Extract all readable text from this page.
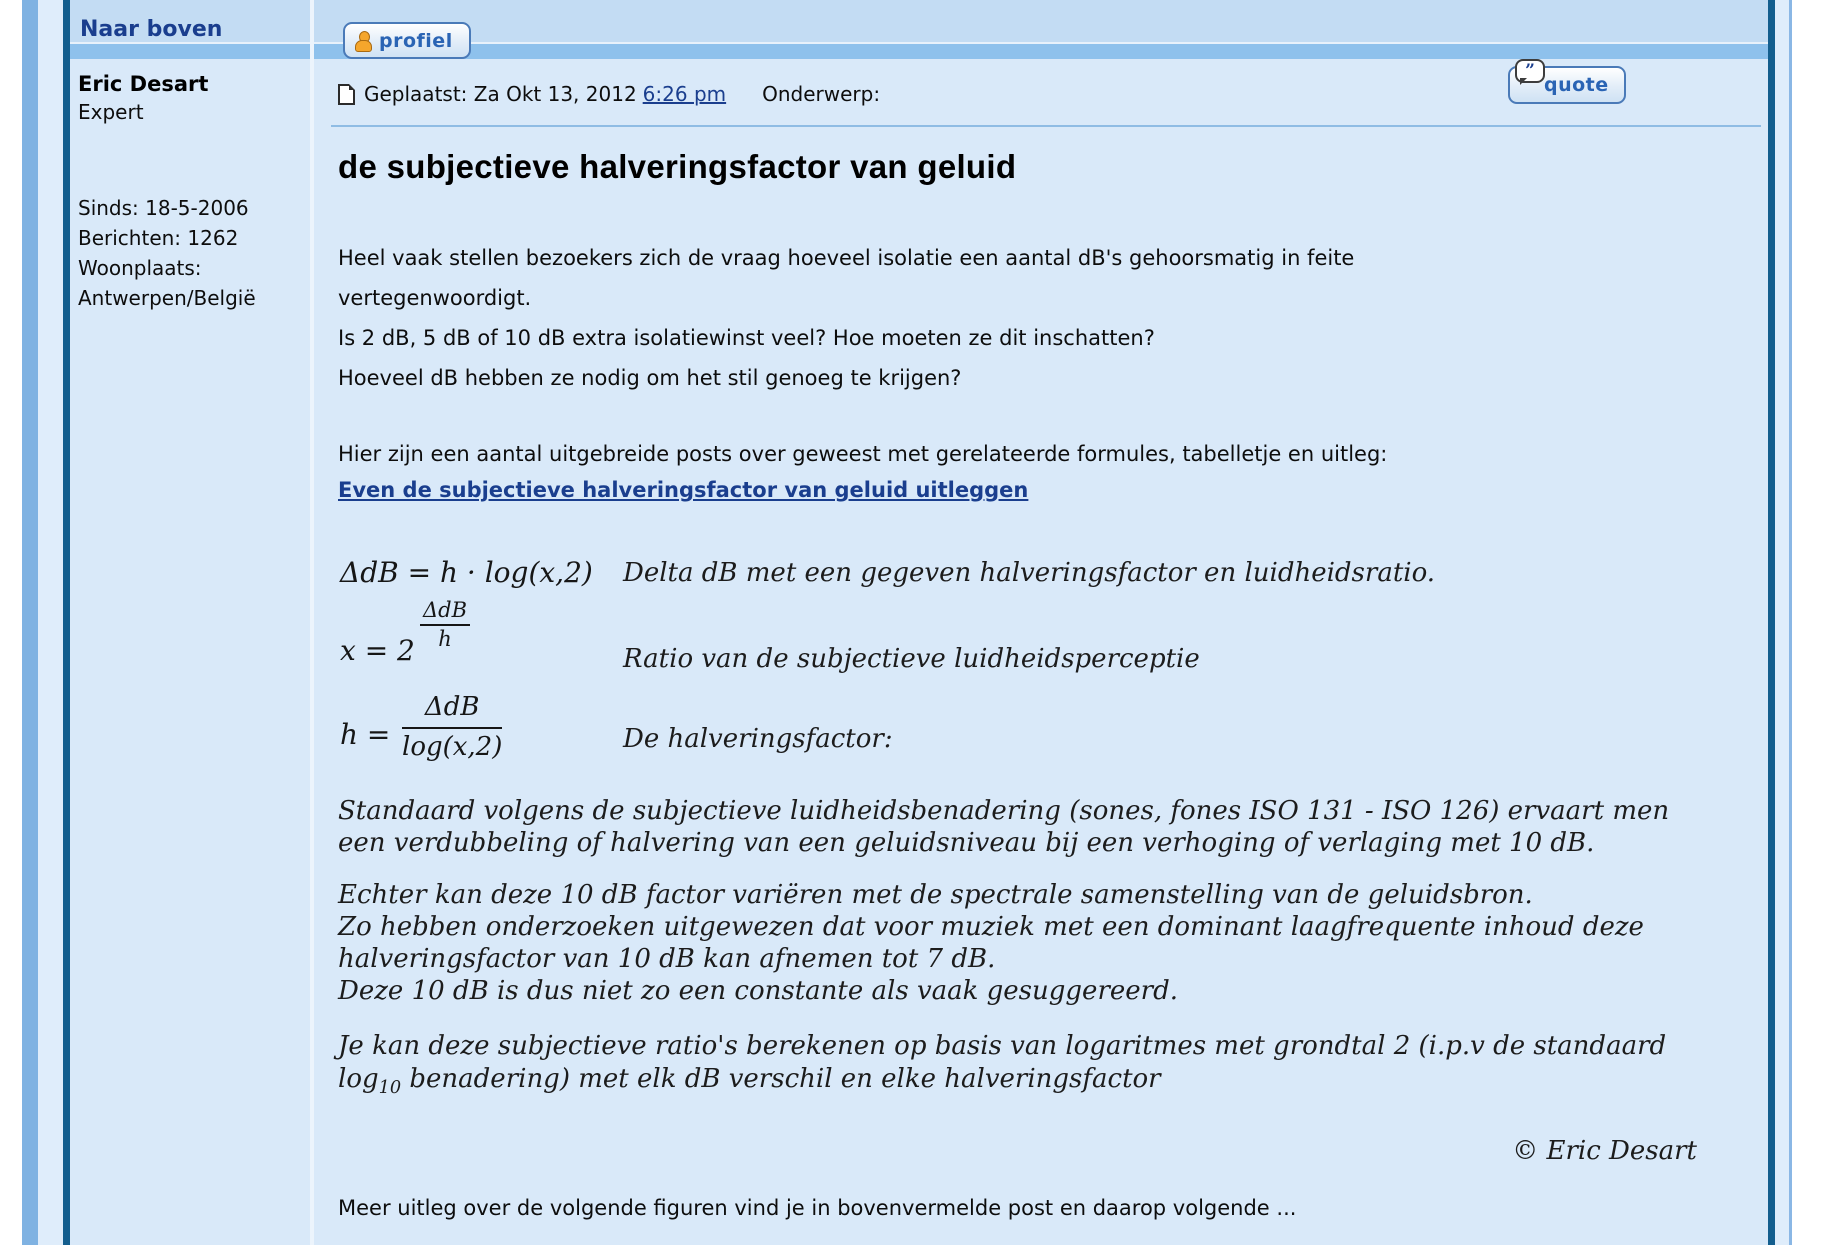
Naar boven	profiel
Eric Desart
Expert
Sinds: 18-5-2006
Berichten: 1262
Woonplaats:
Antwerpen/België
Geplaatst: Za Okt 13, 2012 6:26 pm Onderwerp:
”
quote
de subjectieve halveringsfactor van geluid
Heel vaak stellen bezoekers zich de vraag hoeveel isolatie een aantal dB's gehoorsmatig in feite
vertegenwoordigt.
Is 2 dB, 5 dB of 10 dB extra isolatiewinst veel? Hoe moeten ze dit inschatten?
Hoeveel dB hebben ze nodig om het stil genoeg te krijgen?
Hier zijn een aantal uitgebreide posts over geweest met gerelateerde formules, tabelletje en uitleg:
Even de subjectieve halveringsfactor van geluid uitleggen
ΔdB = h · log(x,2) Delta dB met een gegeven halveringsfactor en luidheidsratio.
x = 2
ΔdB
h
Ratio van de subjectieve luidheidsperceptie
h =
ΔdB
log(x,2)	De halveringsfactor:
Standaard volgens de subjectieve luidheidsbenadering (sones, fones ISO 131 - ISO 126) ervaart men
een verdubbeling of halvering van een geluidsniveau bij een verhoging of verlaging met 10 dB.
Echter kan deze 10 dB factor variëren met de spectrale samenstelling van de geluidsbron.
Zo hebben onderzoeken uitgewezen dat voor muziek met een dominant laagfrequente inhoud deze
halveringsfactor van 10 dB kan afnemen tot 7 dB.
Deze 10 dB is dus niet zo een constante als vaak gesuggereerd.
Je kan deze subjectieve ratio's berekenen op basis van logaritmes met grondtal 2 (i.p.v de standaard
$\log_{10}$ benadering) met elk dB verschil en elke halveringsfactor
© Eric Desart
Meer uitleg over de volgende figuren vind je in bovenvermelde post en daarop volgende ...
